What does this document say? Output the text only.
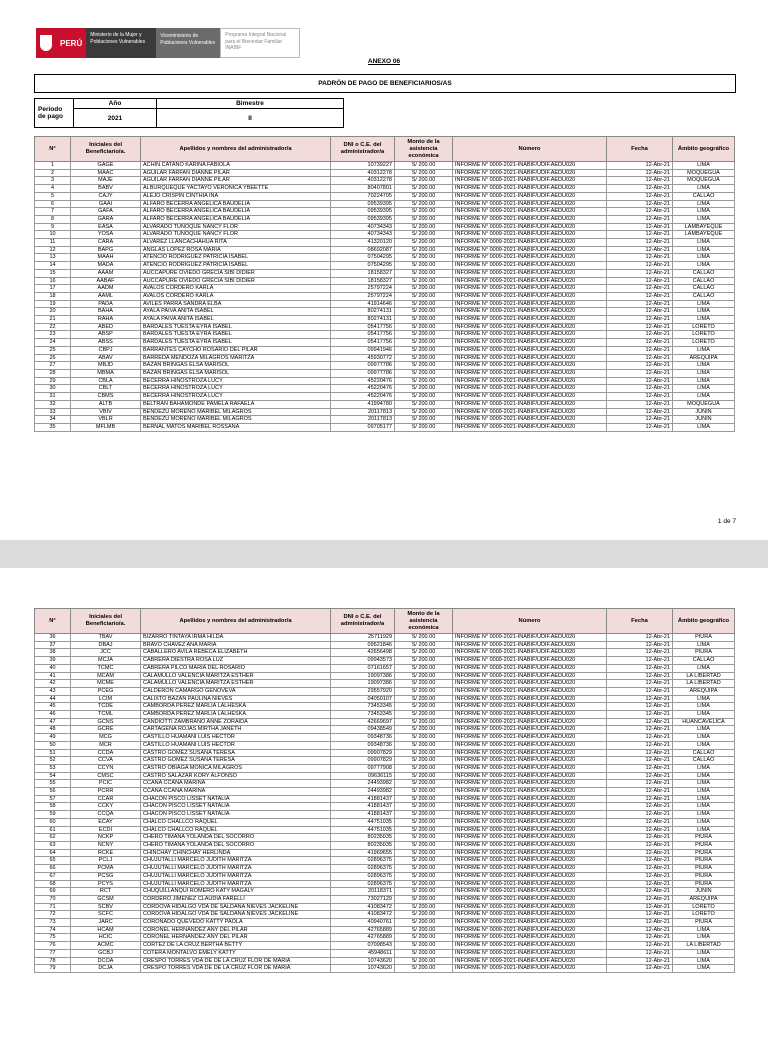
PERÚ
Ministerio de la Mujer y Poblaciones Vulnerables
Viceministerio de Poblaciones Vulnerables
Programa Integral Nacional para el Bienestar Familiar INABIF
ANEXO 06
PADRÓN DE PAGO DE BENEFICIARIOS/AS
Periodo de pago	Año	Bimestre
	2021	II
N°	Iniciales del Beneficiario/a.	Apellidos y nombres del administrador/a	DNI o C.E. del administrador/a	Monto de la asistencia económica	Número	Fecha	Ámbito geográfico
1	GAGE	ACHIN CATAÑO KARINA FABIOLA	10739227	S/ 200.00	INFORME N° 0009-2021-INABIF/UDIF.AEDU020	12-Abr-21	LIMA
2	MAAC	AGUILAR FARFAN DIANNE PILAR	40312278	S/ 200.00	INFORME N° 0009-2021-INABIF/UDIF.AEDU020	12-Abr-21	MOQUEGUA
3	MAJE	AGUILAR FARFAN DIANNE PILAR	40312278	S/ 200.00	INFORME N° 0009-2021-INABIF/UDIF.AEDU020	12-Abr-21	MOQUEGUA
4	BABV	ALBURQUEQUE YACTAYO VERONICA YBEETTE	80407801	S/ 200.00	INFORME N° 0009-2021-INABIF/UDIF.AEDU020	12-Abr-21	LIMA
5	CAJY	ALEJO CRISPIN CINTHIA INA	70224705	S/ 200.00	INFORME N° 0009-2021-INABIF/UDIF.AEDU020	12-Abr-21	CALLAO
6	GAAI	ALFARO BECERRA ANGELICA BAUDELIA	09539395	S/ 200.00	INFORME N° 0009-2021-INABIF/UDIF.AEDU020	12-Abr-21	LIMA
7	GAFA	ALFARO BECERRA ANGELICA BAUDELIA	09539395	S/ 200.00	INFORME N° 0009-2021-INABIF/UDIF.AEDU020	12-Abr-21	LIMA
8	GARA	ALFARO BECERRA ANGELICA BAUDELIA	09539395	S/ 200.00	INFORME N° 0009-2021-INABIF/UDIF.AEDU020	12-Abr-21	LIMA
9	EASA	ALVARADO TUÑOQUE NANCY FLOR	40734343	S/ 200.00	INFORME N° 0009-2021-INABIF/UDIF.AEDU020	12-Abr-21	LAMBAYEQUE
10	YOSA	ALVARADO TUÑOQUE NANCY FLOR	40734343	S/ 200.00	INFORME N° 0009-2021-INABIF/UDIF.AEDU020	12-Abr-21	LAMBAYEQUE
11	CARA	ALVAREZ LLANCACHAHUA RITA	41320120	S/ 200.00	INFORME N° 0009-2021-INABIF/UDIF.AEDU020	12-Abr-21	LIMA
12	BAPG	ANGLAS LOPEZ ROSA MARIA	08692087	S/ 200.00	INFORME N° 0009-2021-INABIF/UDIF.AEDU020	12-Abr-21	LIMA
13	MAAH	ATENCIO RODRIGUEZ PATRICIA ISABEL	07504295	S/ 200.00	INFORME N° 0009-2021-INABIF/UDIF.AEDU020	12-Abr-21	LIMA
14	MADA	ATENCIO RODRIGUEZ PATRICIA ISABEL	07504295	S/ 200.00	INFORME N° 0009-2021-INABIF/UDIF.AEDU020	12-Abr-21	LIMA
15	AAAM	AUCCAPURE OVIEDO GRECIA SIBI DIDIER	18158327	S/ 200.00	INFORME N° 0009-2021-INABIF/UDIF.AEDU020	12-Abr-21	CALLAO
16	AABAF	AUCCAPURE OVIEDO GRECIA SIBI DIDIER	18158327	S/ 200.00	INFORME N° 0009-2021-INABIF/UDIF.AEDU020	12-Abr-21	CALLAO
17	AADM	AVALOS CORDERO KARLA	25797224	S/ 200.00	INFORME N° 0009-2021-INABIF/UDIF.AEDU020	12-Abr-21	CALLAO
18	AAML	AVALOS CORDERO KARLA	25797224	S/ 200.00	INFORME N° 0009-2021-INABIF/UDIF.AEDU020	12-Abr-21	CALLAO
19	PADA	AVILES PARRA SANDRA ELBA	41914646	S/ 200.00	INFORME N° 0009-2021-INABIF/UDIF.AEDU020	12-Abr-21	LIMA
20	BAHA	AYALA PAIVA ANITA ISABEL	80274131	S/ 200.00	INFORME N° 0009-2021-INABIF/UDIF.AEDU020	12-Abr-21	LIMA
21	RAHA	AYALA PAIVA ANITA ISABEL	80274131	S/ 200.00	INFORME N° 0009-2021-INABIF/UDIF.AEDU020	12-Abr-21	LIMA
22	ABED	BARDALES TUESTA EYRA ISABEL	05417756	S/ 200.00	INFORME N° 0009-2021-INABIF/UDIF.AEDU020	12-Abr-21	LORETO
23	ABSP	BARDALES TUESTA EYRA ISABEL	05417756	S/ 200.00	INFORME N° 0009-2021-INABIF/UDIF.AEDU020	12-Abr-21	LORETO
24	ABSS	BARDALES TUESTA EYRA ISABEL	05417756	S/ 200.00	INFORME N° 0009-2021-INABIF/UDIF.AEDU020	12-Abr-21	LORETO
25	CBPJ	BARRANTES CAYCHO ROSARIO DEL PILAR	09941946	S/ 200.00	INFORME N° 0009-2021-INABIF/UDIF.AEDU020	12-Abr-21	LIMA
26	ABAV	BARREDA MENDOZA MILAGROS MARITZA	45930772	S/ 200.00	INFORME N° 0009-2021-INABIF/UDIF.AEDU020	12-Abr-21	AREQUIPA
27	MBJD	BAZAN BRINGAS ELSA MARISOL	09977786	S/ 200.00	INFORME N° 0009-2021-INABIF/UDIF.AEDU020	12-Abr-21	LIMA
28	MBMA	BAZAN BRINGAS ELSA MARISOL	09977786	S/ 200.00	INFORME N° 0009-2021-INABIF/UDIF.AEDU020	12-Abr-21	LIMA
29	CBLA	BECERRA HINOSTROZA LUCY	45220476	S/ 200.00	INFORME N° 0009-2021-INABIF/UDIF.AEDU020	12-Abr-21	LIMA
30	CBLT	BECERRA HINOSTROZA LUCY	45220476	S/ 200.00	INFORME N° 0009-2021-INABIF/UDIF.AEDU020	12-Abr-21	LIMA
31	CBMS	BECERRA HINOSTROZA LUCY	45220476	S/ 200.00	INFORME N° 0009-2021-INABIF/UDIF.AEDU020	12-Abr-21	LIMA
32	ALTB	BELTRAN BAHAMONDE PAMELA RAFAELA	41994780	S/ 200.00	INFORME N° 0009-2021-INABIF/UDIF.AEDU020	12-Abr-21	MOQUEGUA
33	VBIV	BENDEZU MORENO MARIBEL MILAGROS	20117813	S/ 200.00	INFORME N° 0009-2021-INABIF/UDIF.AEDU020	12-Abr-21	JUNIN
34	VBLR	BENDEZU MORENO MARIBEL MILAGROS	20117813	S/ 200.00	INFORME N° 0009-2021-INABIF/UDIF.AEDU020	12-Abr-21	JUNIN
35	MFLMB	BERNAL MATOS MARIBEL ROSSANA	09705177	S/ 200.00	INFORME N° 0009-2021-INABIF/UDIF.AEDU020	12-Abr-21	LIMA
1 de 7
N°	Iniciales del Beneficiario/a.	Apellidos y nombres del administrador/a	DNI o C.E. del administrador/a	Monto de la asistencia económica	Número	Fecha	Ámbito geográfico
36	TBAV	BIZARRO TINTAYA IRMA HILDA	25711929	S/ 200.00	INFORME N° 0009-2021-INABIF/UDIF.AEDU020	12-Abr-21	PIURA
37	DBAJ	BRAVO CHAVEZ ANA MARIA	09521846	S/ 200.00	INFORME N° 0009-2021-INABIF/UDIF.AEDU020	12-Abr-21	LIMA
38	JCC	CABALLERO AVILA REBECA ELIZABETH	42656498	S/ 200.00	INFORME N° 0009-2021-INABIF/UDIF.AEDU020	12-Abr-21	PIURA
39	MCJA	CABRERA DIESTRA ROSA LUZ	09943573	S/ 200.00	INFORME N° 0009-2021-INABIF/UDIF.AEDU020	12-Abr-21	CALLAO
40	TCMC	CABRERA PILCO MARIA DEL ROSARIO	07161657	S/ 200.00	INFORME N° 0009-2021-INABIF/UDIF.AEDU020	12-Abr-21	LIMA
41	MCAM	CALAMULLO VALENCIA MARITZA ESTHER	19097386	S/ 200.00	INFORME N° 0009-2021-INABIF/UDIF.AEDU020	12-Abr-21	LA LIBERTAD
42	MCME	CALAMULLO VALENCIA MARITZA ESTHER	19097386	S/ 200.00	INFORME N° 0009-2021-INABIF/UDIF.AEDU020	12-Abr-21	LA LIBERTAD
43	PCEG	CALDERON CAMARGO GENOVEVA	29557920	S/ 200.00	INFORME N° 0009-2021-INABIF/UDIF.AEDU020	12-Abr-21	AREQUIPA
44	LCIM	CALIXTO BAZAN PAULINA NIEVES	04050107	S/ 200.00	INFORME N° 0009-2021-INABIF/UDIF.AEDU020	12-Abr-21	LIMA
45	TCDE	CAMBORDA PEREZ MARLIA LALHESKA	73453345	S/ 200.00	INFORME N° 0009-2021-INABIF/UDIF.AEDU020	12-Abr-21	LIMA
46	TCML	CAMBORDA PEREZ MARLIA LALHESKA	73453345	S/ 200.00	INFORME N° 0009-2021-INABIF/UDIF.AEDU020	12-Abr-21	LIMA
47	GCNS	CANDIOTTI ZAMBRANO ANNE ZORAIDA	42669697	S/ 200.00	INFORME N° 0009-2021-INABIF/UDIF.AEDU020	12-Abr-21	HUANCAVELICA
48	GCRE	CARTAGENA ROJAS MIRTHA JANETH	09438549	S/ 200.00	INFORME N° 0009-2021-INABIF/UDIF.AEDU020	12-Abr-21	LIMA
49	MCG	CASTILLO HUAMANI LUIS HECTOR	09348736	S/ 200.00	INFORME N° 0009-2021-INABIF/UDIF.AEDU020	12-Abr-21	LIMA
50	MCR	CASTILLO HUAMANI LUIS HECTOR	09348736	S/ 200.00	INFORME N° 0009-2021-INABIF/UDIF.AEDU020	12-Abr-21	LIMA
51	CCDA	CASTRO GOMEZ SUSANA TERESA	09907829	S/ 200.00	INFORME N° 0009-2021-INABIF/UDIF.AEDU020	12-Abr-21	CALLAO
52	CCVA	CASTRO GOMEZ SUSANA TERESA	09907829	S/ 200.00	INFORME N° 0009-2021-INABIF/UDIF.AEDU020	12-Abr-21	CALLAO
53	CCYN	CASTRO OBIAGA MONICA MILAGROS	09777908	S/ 200.00	INFORME N° 0009-2021-INABIF/UDIF.AEDU020	12-Abr-21	LIMA
54	CMSC	CASTRO SALAZAR KORY ALFONSO	09636115	S/ 200.00	INFORME N° 0009-2021-INABIF/UDIF.AEDU020	12-Abr-21	LIMA
55	PCIC	CCANA CCANA MARINA	24493982	S/ 200.00	INFORME N° 0009-2021-INABIF/UDIF.AEDU020	12-Abr-21	LIMA
56	PCRR	CCANA CCANA MARINA	24493982	S/ 200.00	INFORME N° 0009-2021-INABIF/UDIF.AEDU020	12-Abr-21	LIMA
57	CCAR	CHACON PISCO LISSET NATALIA	41881437	S/ 200.00	INFORME N° 0009-2021-INABIF/UDIF.AEDU020	12-Abr-21	LIMA
58	CCKY	CHACON PISCO LISSET NATALIA	41881437	S/ 200.00	INFORME N° 0009-2021-INABIF/UDIF.AEDU020	12-Abr-21	LIMA
59	CCQA	CHACON PISCO LISSET NATALIA	41881437	S/ 200.00	INFORME N° 0009-2021-INABIF/UDIF.AEDU020	12-Abr-21	LIMA
60	ECAY	CHALCO CHALLCO RAQUEL	44751035	S/ 200.00	INFORME N° 0009-2021-INABIF/UDIF.AEDU020	12-Abr-21	LIMA
61	ECDI	CHALCO CHALLCO RAQUEL	44751035	S/ 200.00	INFORME N° 0009-2021-INABIF/UDIF.AEDU020	12-Abr-21	LIMA
62	NCKP	CHERO TIMANA YOLANDA DEL SOCORRO	80235035	S/ 200.00	INFORME N° 0009-2021-INABIF/UDIF.AEDU020	12-Abr-21	PIURA
63	NCNY	CHERO TIMANA YOLANDA DEL SOCORRO	80235035	S/ 200.00	INFORME N° 0009-2021-INABIF/UDIF.AEDU020	12-Abr-21	PIURA
64	RCKE	CHINCHAY CHINCHAY HERLINDA	41969655	S/ 200.00	INFORME N° 0009-2021-INABIF/UDIF.AEDU020	12-Abr-21	PIURA
65	PCLJ	CHUJUTALLI MARCELO JUDITH MARITZA	02896375	S/ 200.00	INFORME N° 0009-2021-INABIF/UDIF.AEDU020	12-Abr-21	PIURA
66	PCMA	CHUJUTALLI MARCELO JUDITH MARITZA	02896375	S/ 200.00	INFORME N° 0009-2021-INABIF/UDIF.AEDU020	12-Abr-21	PIURA
67	PCSG	CHUJUTALLI MARCELO JUDITH MARITZA	02896375	S/ 200.00	INFORME N° 0009-2021-INABIF/UDIF.AEDU020	12-Abr-21	PIURA
68	PCYS	CHUJUTALLI MARCELO JUDITH MARITZA	02896375	S/ 200.00	INFORME N° 0009-2021-INABIF/UDIF.AEDU020	12-Abr-21	PIURA
69	RCT	CHUQUILLANQUI ROMERO KATY MAGALY	20118371	S/ 200.00	INFORME N° 0009-2021-INABIF/UDIF.AEDU020	12-Abr-21	JUNIN
70	GCSM	CORDERO JIMENEZ CLAUDIA FARELLI	73027129	S/ 200.00	INFORME N° 0009-2021-INABIF/UDIF.AEDU020	12-Abr-21	AREQUIPA
71	SCBV	CORDOVA HIDALGO VDA DE SALDAÑA NIEVES JACKELINE	41083472	S/ 200.00	INFORME N° 0009-2021-INABIF/UDIF.AEDU020	12-Abr-21	LORETO
72	SCFC	CORDOVA HIDALGO VDA DE SALDAÑA NIEVES JACKELINE	41083472	S/ 200.00	INFORME N° 0009-2021-INABIF/UDIF.AEDU020	12-Abr-21	LORETO
73	JARC	CORONADO QUEVEDO KATTY PAOLA	40940761	S/ 200.00	INFORME N° 0009-2021-INABIF/UDIF.AEDU020	12-Abr-21	PIURA
74	HCAM	CORONEL HERNANDEZ ANY DEL PILAR	42765889	S/ 200.00	INFORME N° 0009-2021-INABIF/UDIF.AEDU020	12-Abr-21	LIMA
75	HCIC	CORONEL HERNANDEZ ANY DEL PILAR	42765889	S/ 200.00	INFORME N° 0009-2021-INABIF/UDIF.AEDU020	12-Abr-21	LIMA
76	ACMC	CORTEZ DE LA CRUZ BERTHA BETTY	07098543	S/ 200.00	INFORME N° 0009-2021-INABIF/UDIF.AEDU020	12-Abr-21	LA LIBERTAD
77	GCBJ	COTERA MONTALVO EMELY KATTY	45948611	S/ 200.00	INFORME N° 0009-2021-INABIF/UDIF.AEDU020	12-Abr-21	LIMA
78	DCOA	CRESPO TORRES VDA DE DE LA CRUZ FLOR DE MARIA	10743620	S/ 200.00	INFORME N° 0009-2021-INABIF/UDIF.AEDU020	12-Abr-21	LIMA
79	DCJA	CRESPO TORRES VDA DE DE LA CRUZ FLOR DE MARIA	10743620	S/ 200.00	INFORME N° 0009-2021-INABIF/UDIF.AEDU020	12-Abr-21	LIMA
